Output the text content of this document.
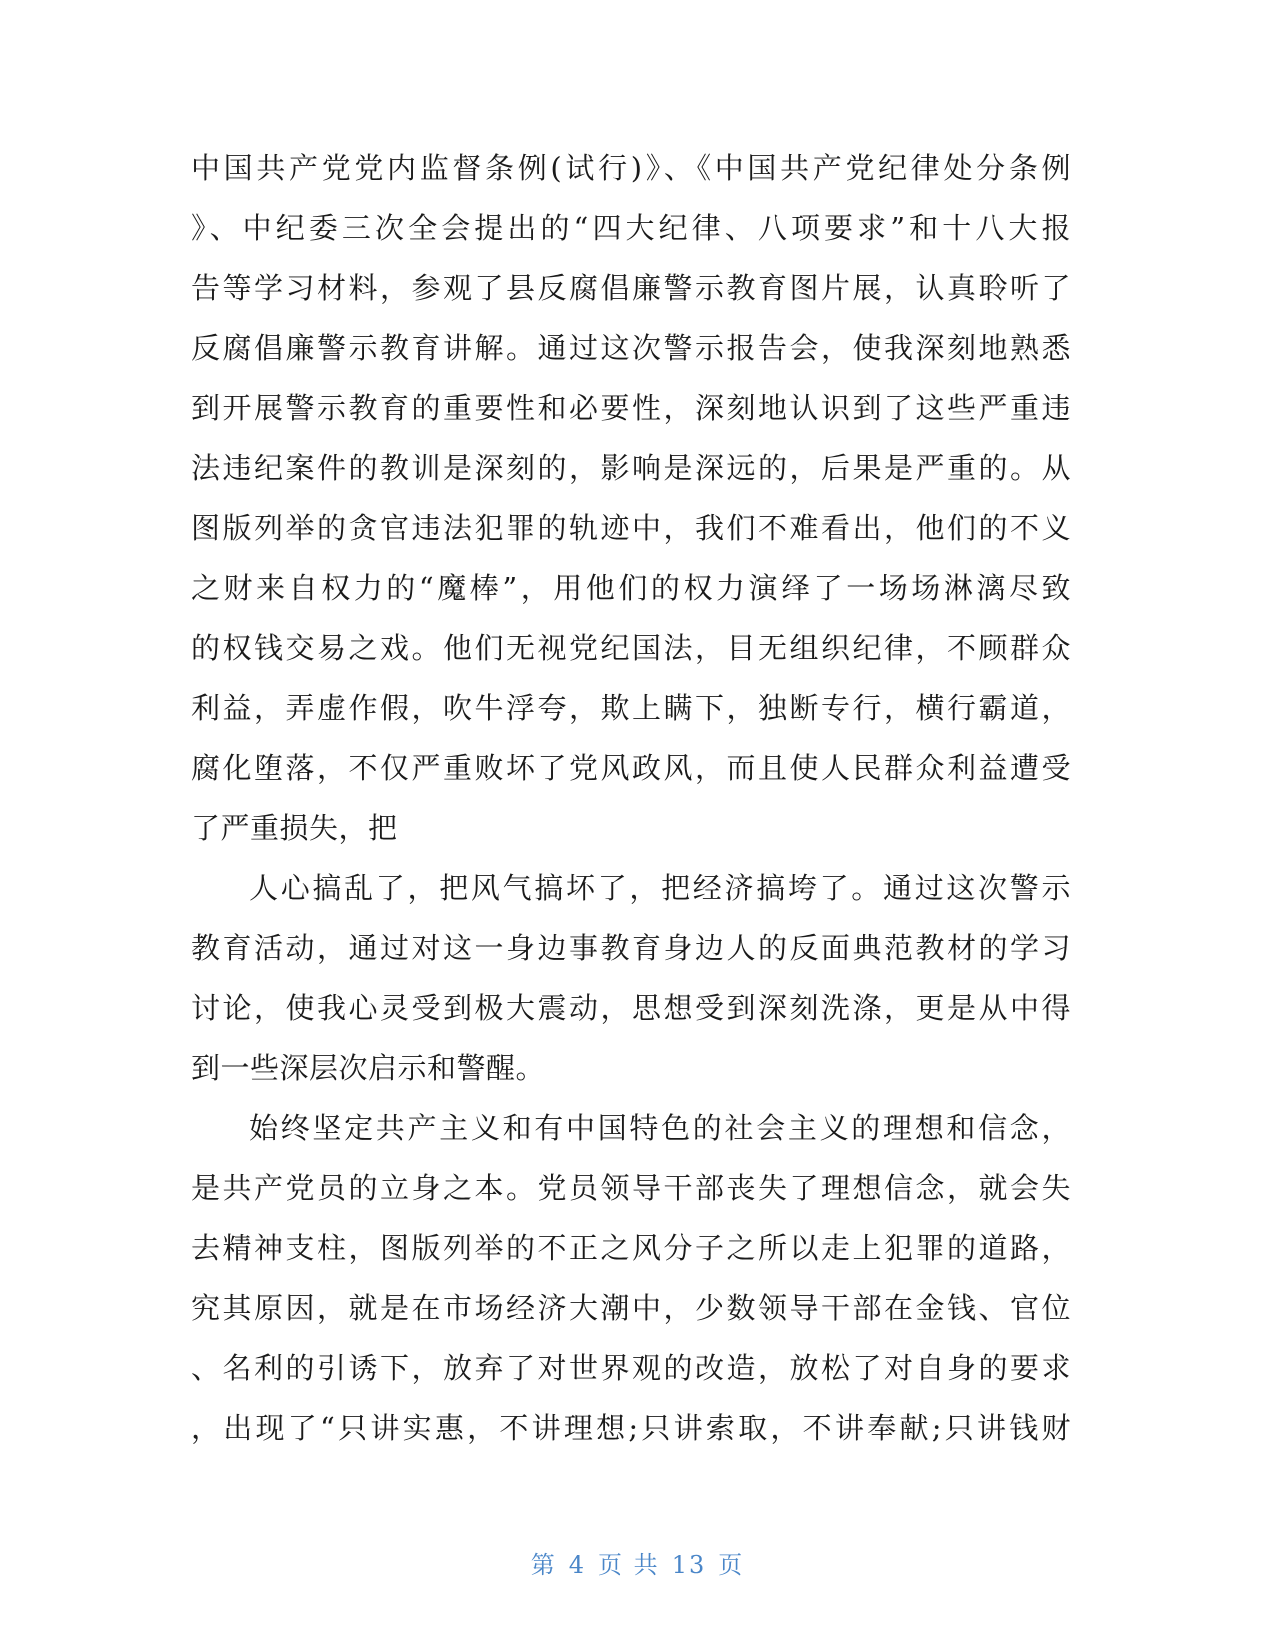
中国共产党党内监督条例(试行)》、《中国共产党纪律处分条例
》、中纪委三次全会提出的“四大纪律、八项要求”和十八大报
告等学习材料，参观了县反腐倡廉警示教育图片展，认真聆听了
反腐倡廉警示教育讲解。通过这次警示报告会，使我深刻地熟悉
到开展警示教育的重要性和必要性，深刻地认识到了这些严重违
法违纪案件的教训是深刻的，影响是深远的，后果是严重的。从
图版列举的贪官违法犯罪的轨迹中，我们不难看出，他们的不义
之财来自权力的“魔棒”，用他们的权力演绎了一场场淋漓尽致
的权钱交易之戏。他们无视党纪国法，目无组织纪律，不顾群众
利益，弄虚作假，吹牛浮夸，欺上瞒下，独断专行，横行霸道，
腐化堕落，不仅严重败坏了党风政风，而且使人民群众利益遭受
了严重损失，把
人心搞乱了，把风气搞坏了，把经济搞垮了。通过这次警示
教育活动，通过对这一身边事教育身边人的反面典范教材的学习
讨论，使我心灵受到极大震动，思想受到深刻洗涤，更是从中得
到一些深层次启示和警醒。
始终坚定共产主义和有中国特色的社会主义的理想和信念，
是共产党员的立身之本。党员领导干部丧失了理想信念，就会失
去精神支柱，图版列举的不正之风分子之所以走上犯罪的道路，
究其原因，就是在市场经济大潮中，少数领导干部在金钱、官位
、名利的引诱下，放弃了对世界观的改造，放松了对自身的要求
，出现了“只讲实惠，不讲理想;只讲索取，不讲奉献;只讲钱财
第 4 页 共 13 页
